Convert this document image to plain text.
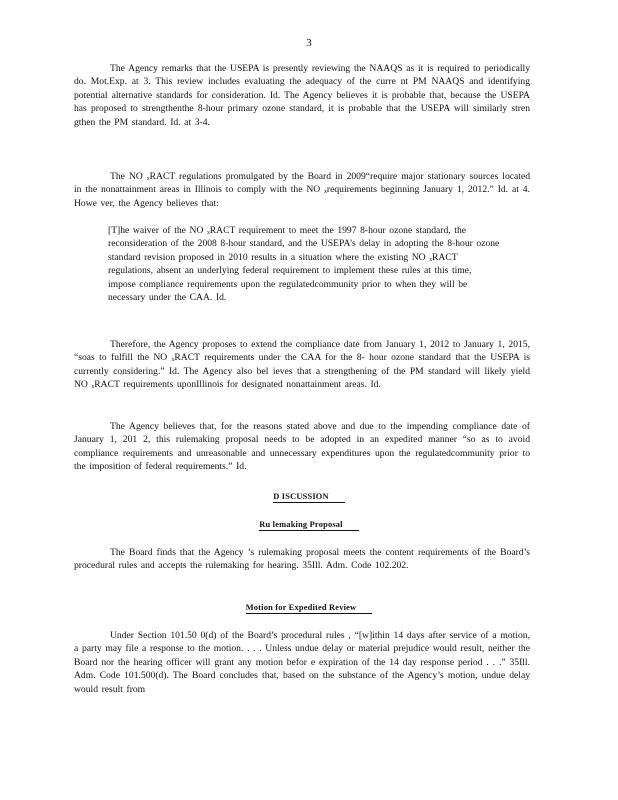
3

The Agency remarks that the USEPA is presently reviewing the NAAQS as it is required to periodically do. Mot.Exp. at 3. This review includes evaluating the adequacy of the curre nt PM NAAQS and identifying potential alternative standards for consideration. Id. The Agency believes it is probable that, because the USEPA has proposed to strengthenthe 8-hour primary ozone standard, it is probable that the USEPA will similarly stren gthen the PM standard. Id. at 3-4.

The NO ₓRACT regulations promulgated by the Board in 2009“require major stationary sources located in the nonattainment areas in Illinois to comply with the NO ₓrequirements beginning January 1, 2012.” Id. at 4. Howe ver, the Agency believes that:

[T]he waiver of the NO ₓRACT requirement to meet the 1997 8-hour ozone standard, the reconsideration of the 2008 8-hour standard, and the USEPA’s delay in adopting the 8-hour ozone standard revision proposed in 2010 results in a situation where the existing NO ₓRACT regulations, absent an underlying federal requirement to implement these rules at this time, impose compliance requirements upon the regulatedcommunity prior to when they will be necessary under the CAA. Id.

Therefore, the Agency proposes to extend the compliance date from January 1, 2012 to January 1, 2015, “soas to fulfill the NO ₓRACT requirements under the CAA for the 8- hour ozone standard that the USEPA is currently considering.” Id. The Agency also bel ieves that a strengthening of the PM standard will likely yield NO ₓRACT requirements uponIllinois for designated nonattainment areas. Id.

The Agency believes that, for the reasons stated above and due to the impending compliance date of January 1, 201 2, this rulemaking proposal needs to be adopted in an expedited manner “so as to avoid compliance requirements and unreasonable and unnecessary expenditures upon the regulatedcommunity prior to the imposition of federal requirements.” Id.

D ISCUSSION
Ru lemaking Proposal

The Board finds that the Agency ’s rulemaking proposal meets the content requirements of the Board’s procedural rules and accepts the rulemaking for hearing. 35Ill. Adm. Code 102.202.

Motion for Expedited Review

Under Section 101.50 0(d) of the Board’s procedural rules , “[w]ithin 14 days after service of a motion, a party may file a response to the motion. . . . Unless undue delay or material prejudice would result, neither the Board nor the hearing officer will grant any motion befor e expiration of the 14 day response period . . .” 35Ill. Adm. Code 101.500(d). The Board concludes that, based on the substance of the Agency’s motion, undue delay would result from
